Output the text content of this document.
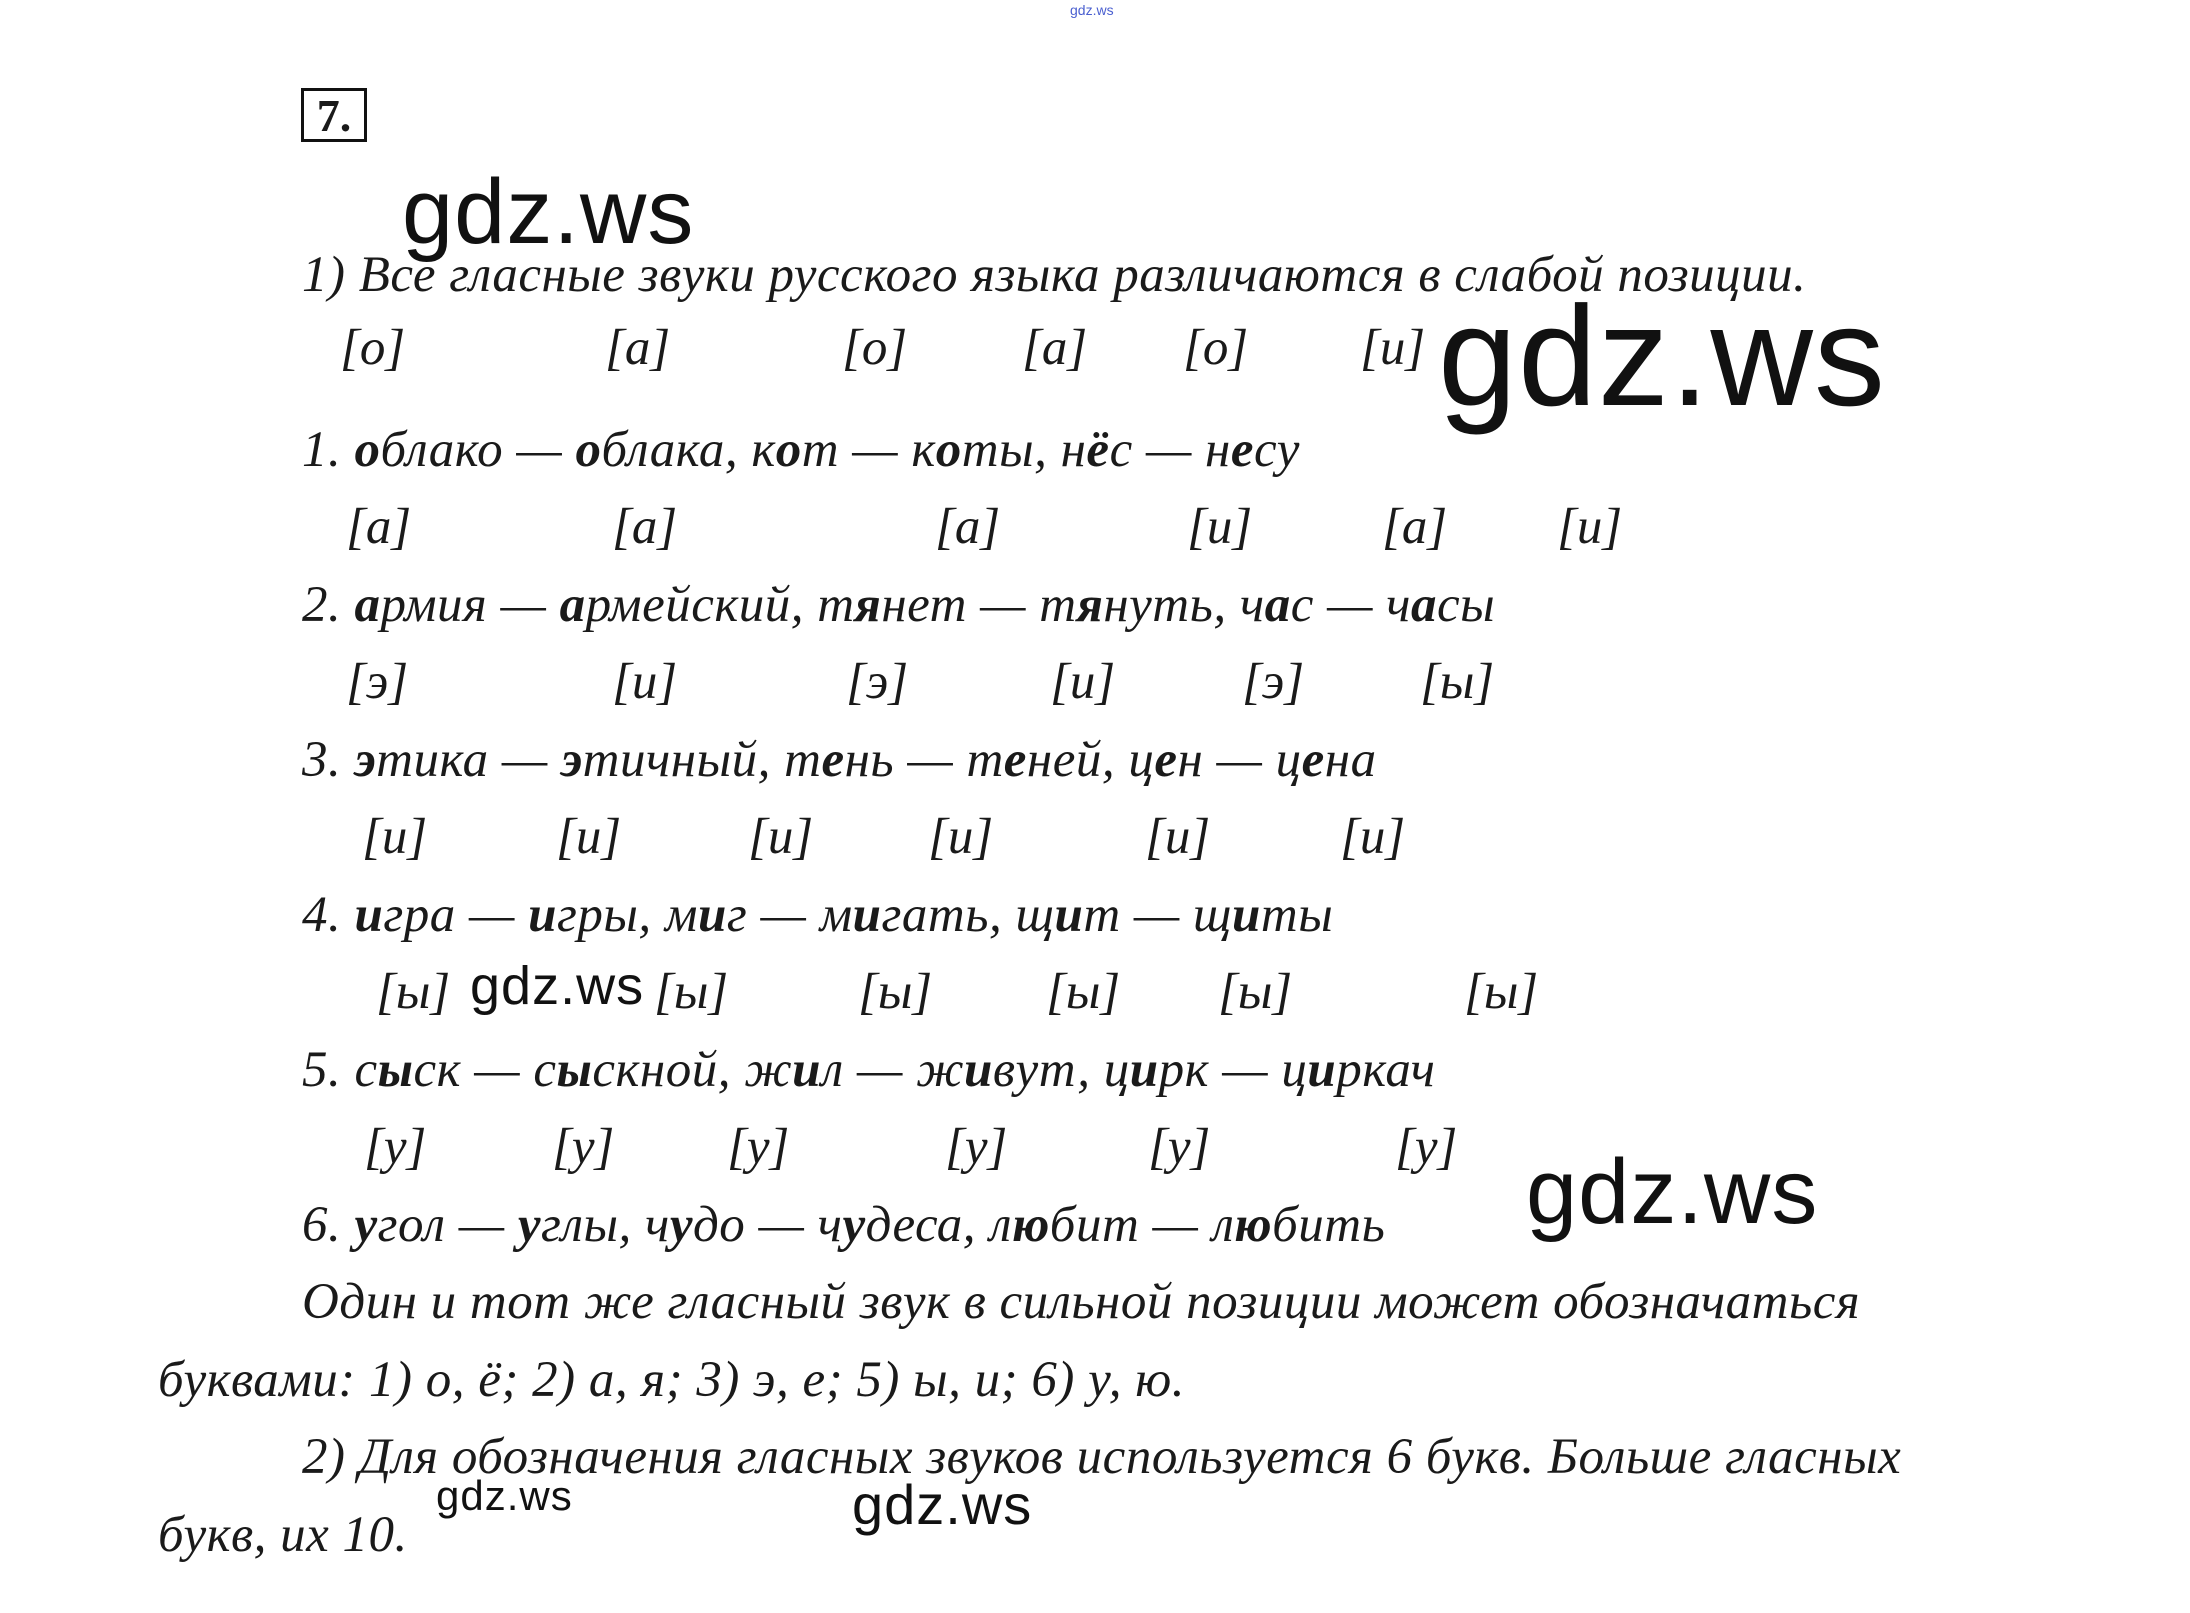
gdz.ws
7.
1) Все гласные звуки русского языка различаются в слабой позиции.
[о]	[а]	[о] [а] [о] [и]
1. облако — облака, кот — коты, нёс — несу
[а]	[а]	[а]	[и]	[а] [и]
2. армия — армейский, тянет — тянуть, час — часы
[э]	[и]	[э]	[и] [э] [ы]
3. этика — этичный, тень — теней, цен — цена
[и]	[и] [и] [и]	[и]	[и]
4. игра — игры, миг — мигать, щит — щиты
[ы]	[ы]	[ы] [ы] [ы]	[ы]
5. сыск — сыскной, жил — живут, цирк — циркач
[у] [у] [у]	[у]	[у]	[у]
6. угол — углы, чудо — чудеса, любит — любить
Один и тот же гласный звук в сильной позиции может обозначаться
буквами: 1) о, ё; 2) а, я; 3) э, е; 5) ы, и; 6) у, ю.
2) Для обозначения гласных звуков используется 6 букв. Больше гласных
букв, их 10.
gdz.ws
gdz.ws
gdz.ws
gdz.ws
gdz.ws	gdz.ws
